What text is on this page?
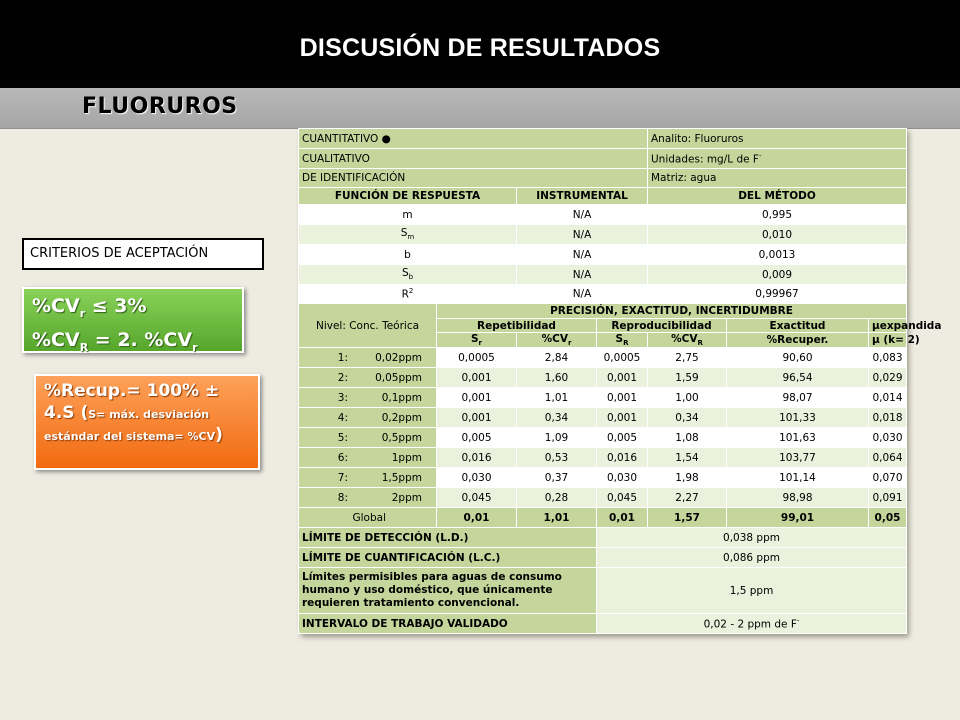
DISCUSIÓN DE RESULTADOS
FLUORUROS
CRITERIOS DE ACEPTACIÓN
$\%CV_r \le 3\%$
$\%CV_R = 2$. $\%CV_r$
%Recup.= 100% ±
4.S (S= máx. desviación
estándar del sistema= %CV)
CUANTITATIVO ●				Analito: Fluoruros		
CUALITATIVO				Unidades: mg/L de F-
DE IDENTIFICACIÓN				Matriz: agua		
FUNCIÓN DE RESPUESTA		INSTRUMENTAL		DEL MÉTODO		
m		N/A		0,995		
$S_m$		N/A		0,010		
b		N/A		0,0013		
$S_b$		N/A		0,009		
$R^2$		N/A		0,99967		
Nivel: Conc. Teórica	PRECISIÓN, EXACTITUD, INCERTIDUMBRE					
	Repetibilidad		Reproducibilidad		Exactitud	µexpandida
	$S_r$	$\%CV_r$	$S_R$	$\%CV_R$	%Recuper.	µ (k= 2)
1: 0,02ppm	0,0005	2,84	0,0005	2,75	90,60	0,083
2: 0,05ppm	0,001	1,60	0,001	1,59	96,54	0,029
3: 0,1ppm	0,001	1,01	0,001	1,00	98,07	0,014
4: 0,2ppm	0,001	0,34	0,001	0,34	101,33	0,018
5: 0,5ppm	0,005	1,09	0,005	1,08	101,63	0,030
6: 1ppm	0,016	0,53	0,016	1,54	103,77	0,064
7: 1,5ppm	0,030	0,37	0,030	1,98	101,14	0,070
8: 2ppm	0,045	0,28	0,045	2,27	98,98	0,091
Global	0,01	1,01	0,01	1,57	99,01	0,05
LÍMITE DE DETECCIÓN (L.D.)			0,038 ppm			
LÍMITE DE CUANTIFICACIÓN (L.C.)			0,086 ppm			

Límites permisibles para aguas de consumo
humano y uso doméstico, que únicamente
requieren tratamiento convencional.			1,5 ppm			
INTERVALO DE TRABAJO VALIDADO			0,02 - 2 ppm de F-
